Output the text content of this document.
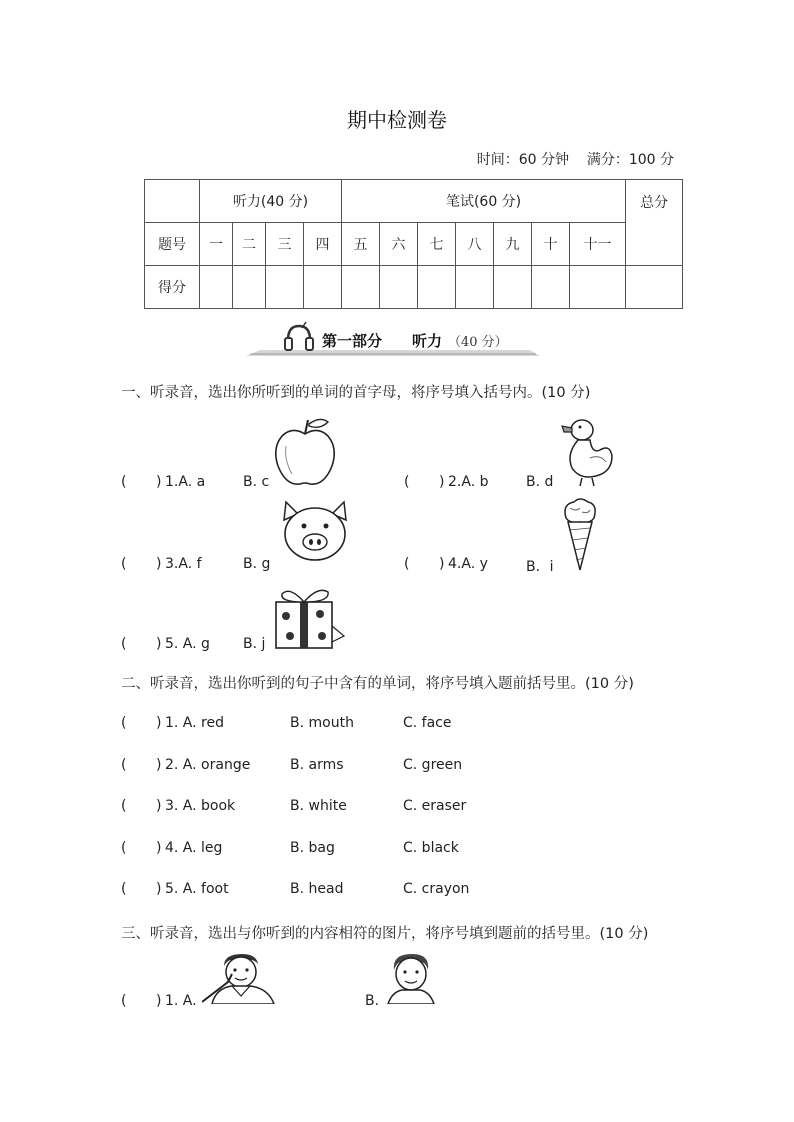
期中检测卷
时间：60 分钟    满分：100 分
	听力(40 分)				笔试(60 分)							总分
题号	一	二	三	四	五	六	七	八	九	十	十一	
得分												
第一部分 听力 （40 分）
一、听录音，选出你所听到的单词的首字母，将序号填入括号内。(10 分)
( ) 1.A. a	B. c	( ) 2.A. b	B. d
( ) 3.A. f	B. g	( ) 4.A. y	B．i
( ) 5. A. g B. j
二、听录音，选出你听到的句子中含有的单词，将序号填入题前括号里。(10 分)
( ) 1. A. red	B. mouth	C. face
( ) 2. A. orange	B. arms	C. green
( ) 3. A. book	B. white	C. eraser
( ) 4. A. leg	B. bag	C. black
( ) 5. A. foot	B. head	C. crayon
三、听录音，选出与你听到的内容相符的图片，将序号填到题前的括号里。(10 分)
( ) 1. A.	B.
